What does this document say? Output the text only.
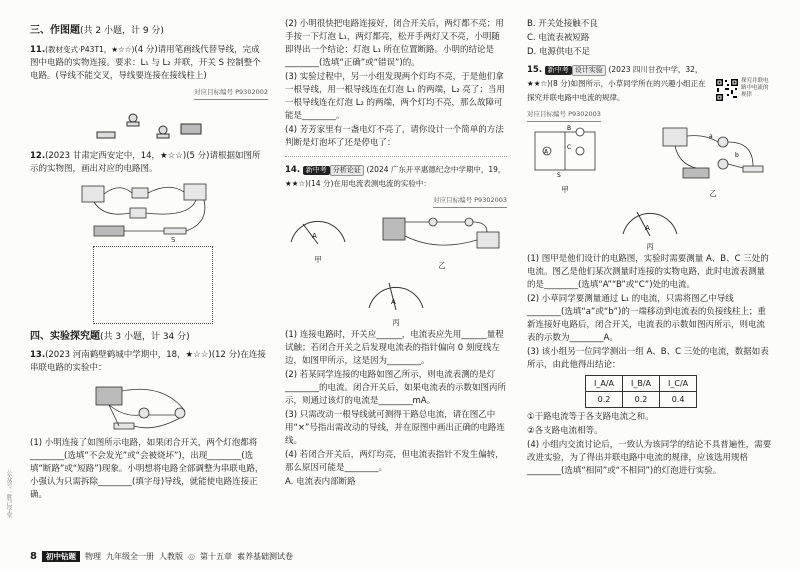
三、作图题(共 2 小题，计 9 分)

11.(教材变式·P43T1，★☆☆)(4 分)请用笔画线代替导线，完成图中电路的实物连接。要求：L₁ 与 L₂ 并联，开关 S 控制整个电路。(导线不能交叉，导线要连接在接线柱上)

对应目标编号 P9302002

12.(2023 甘肃定西安定中，14，★☆☆)(5 分)请根据如图所示的实物图，画出对应的电路图。

S
四、实验探究题(共 3 小题，计 34 分)

13.(2023 河南鹤壁鹤城中学期中，18，★☆☆)(12 分)在连接串联电路的实验中：

(1) 小明连接了如图所示电路，如果闭合开关，两个灯泡都将________(选填“不会发光”或“会被烧坏”)，出现________(选填“断路”或“短路”)现象。小明想将电路全部调整为串联电路，小强认为只需拆除________(填字母)导线，就能使电路连接正确。

(2) 小明很快把电路连接好，闭合开关后，两灯都不亮；用手按一下灯泡 L₁，两灯都亮，松开手两灯又不亮，小明随即得出一个结论：灯泡 L₁ 所在位置断路。小明的结论是________(选填“正确”或“错误”)的。

(3) 实验过程中，另一小组发现两个灯均不亮，于是他们拿一根导线，用一根导线连在灯泡 L₁ 的两端，L₂ 亮了；当用一根导线连在灯泡 L₂ 的两端，两个灯均不亮，那么故障可能是________。

(4) 芳芳家里有一盏电灯不亮了，请你设计一个简单的方法判断是灯泡坏了还是停电了：

14. 新中考 分析论证 (2024 广东开平惠德纪念中学期中，19，★★☆)(14 分)在用电流表测电流的实验中：

对应目标编号 P9302003
A

甲

乙

A

丙

(1) 连接电路时，开关应______，电流表应先用______量程试触；若闭合开关之后发现电流表的指针偏向 0 刻度线左边，如图甲所示，这是因为________。

(2) 若某同学连接的电路如图乙所示，则电流表测的是灯________的电流。闭合开关后，如果电流表的示数如图丙所示，则通过该灯的电流是________mA。

(3) 只需改动一根导线就可测得干路总电流，请在图乙中用“×”号指出需改动的导线，并在原图中画出正确的电路连线。

(4) 若闭合开关后，两灯均亮，但电流表指针不发生偏转，那么原因可能是________。

A. 电流表内部断路

B. 开关处接触不良

C. 电流表被短路

D. 电源供电不足

15. 新中考 设计实验 (2023 四川甘孜中学，32，★★☆)(8 分)如图所示，小草同学所在的兴趣小组正在探究并联电路中电流的规律。

对应目标编号 P9302003
A
B
C
S

甲

a
b

乙

A

丙

(1) 图甲是他们设计的电路图，实验时需要测量 A、B、C 三处的电流。图乙是他们某次测量时连接的实物电路，此时电流表测量的是________(选填“A”“B”或“C”)处的电流。

(2) 小草同学要测量通过 L₁ 的电流，只需将图乙中导线________(选填“a”或“b”)的一端移动到电流表的负接线柱上；重新连接好电路后，闭合开关，电流表的示数如图丙所示，则电流表的示数为________A。

(3) 该小组另一位同学测出一组 A、B、C 三处的电流，数据如表所示，由此他得出结论：

I_A/A	I_B/A	I_C/A
0.2	0.2	0.4

①干路电流等于各支路电流之和。

②各支路电流相等。

(4) 小组内交流讨论后，一致认为该同学的结论不具普遍性，需要改进实验，为了得出并联电路中电流的规律，应该选用规格________(选填“相同”或“不相同”)的灯泡进行实验。

探究并联电路中电流的规律
8	初中钻题	物理 九年级全一册 人教版 ◎ 第十五章 素养基础测试卷
公众号：胜己学堂
